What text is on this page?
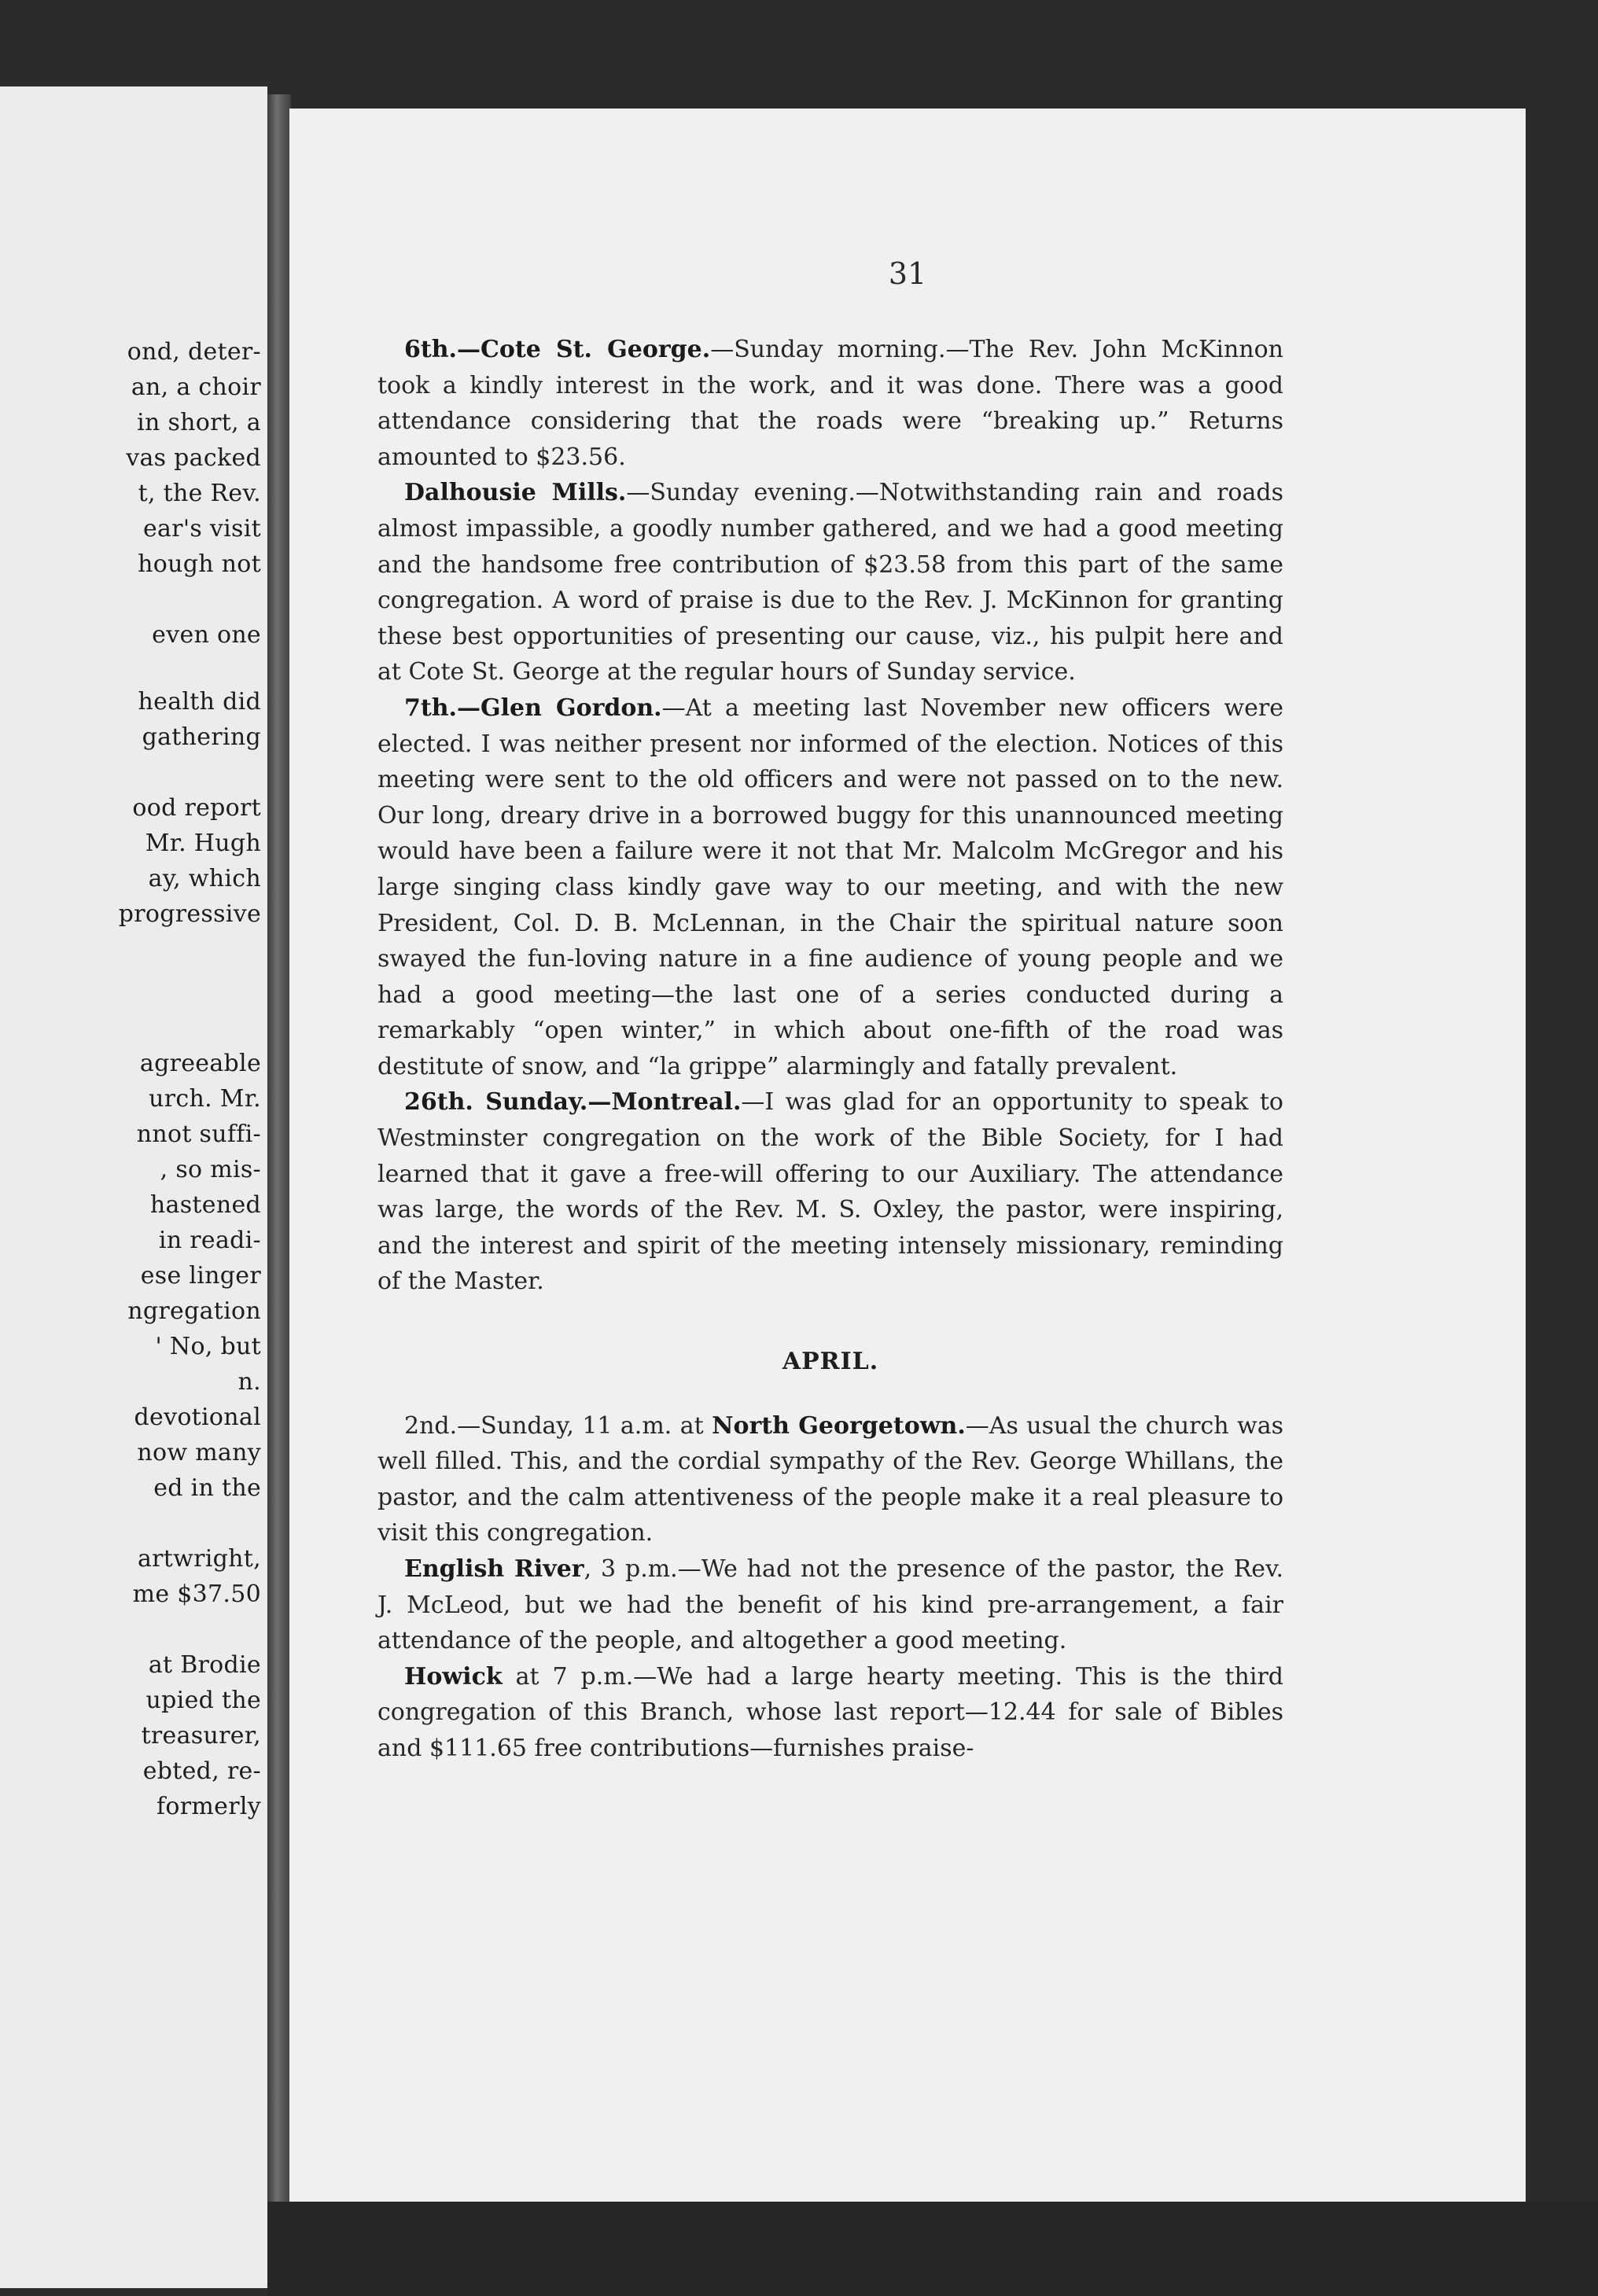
ond, deter-
an, a choir
in short, a
vas packed
t, the Rev.
ear's visit
hough not
even one
health did
gathering
ood report
Mr. Hugh
ay, which
progressive
agreeable
urch. Mr.
nnot suffi-
, so mis-
hastened
in readi-
ese linger
ngregation
' No, but
n.
devotional
now many
ed in the
artwright,
me $37.50
at Brodie
upied the
treasurer,
ebted, re-
formerly
31

6th.—Cote St. George.—Sunday morning.—The Rev. John McKinnon took a kindly interest in the work, and it was done. There was a good attendance considering that the roads were “breaking up.” Returns amounted to $23.56.

Dalhousie Mills.—Sunday evening.—Notwithstanding rain and roads almost impassible, a goodly number gathered, and we had a good meeting and the handsome free contribution of $23.58 from this part of the same congregation. A word of praise is due to the Rev. J. McKinnon for granting these best opportunities of presenting our cause, viz., his pulpit here and at Cote St. George at the regular hours of Sunday service.

7th.—Glen Gordon.—At a meeting last November new officers were elected. I was neither present nor informed of the election. Notices of this meeting were sent to the old officers and were not passed on to the new. Our long, dreary drive in a borrowed buggy for this unannounced meeting would have been a failure were it not that Mr. Malcolm McGregor and his large singing class kindly gave way to our meeting, and with the new President, Col. D. B. McLennan, in the Chair the spiritual nature soon swayed the fun-loving nature in a fine audience of young people and we had a good meeting—the last one of a series conducted during a remarkably “open winter,” in which about one-fifth of the road was destitute of snow, and “la grippe” alarmingly and fatally prevalent.

26th. Sunday.—Montreal.—I was glad for an opportunity to speak to Westminster congregation on the work of the Bible Society, for I had learned that it gave a free-will offering to our Auxiliary. The attendance was large, the words of the Rev. M. S. Oxley, the pastor, were inspiring, and the interest and spirit of the meeting intensely missionary, reminding of the Master.

APRIL.

2nd.—Sunday, 11 a.m. at North Georgetown.—As usual the church was well filled. This, and the cordial sympathy of the Rev. George Whillans, the pastor, and the calm attentiveness of the people make it a real pleasure to visit this congregation.

English River, 3 p.m.—We had not the presence of the pastor, the Rev. J. McLeod, but we had the benefit of his kind pre-arrangement, a fair attendance of the people, and altogether a good meeting.

Howick at 7 p.m.—We had a large hearty meeting. This is the third congregation of this Branch, whose last report—12.44 for sale of Bibles and $111.65 free contributions—furnishes praise-
